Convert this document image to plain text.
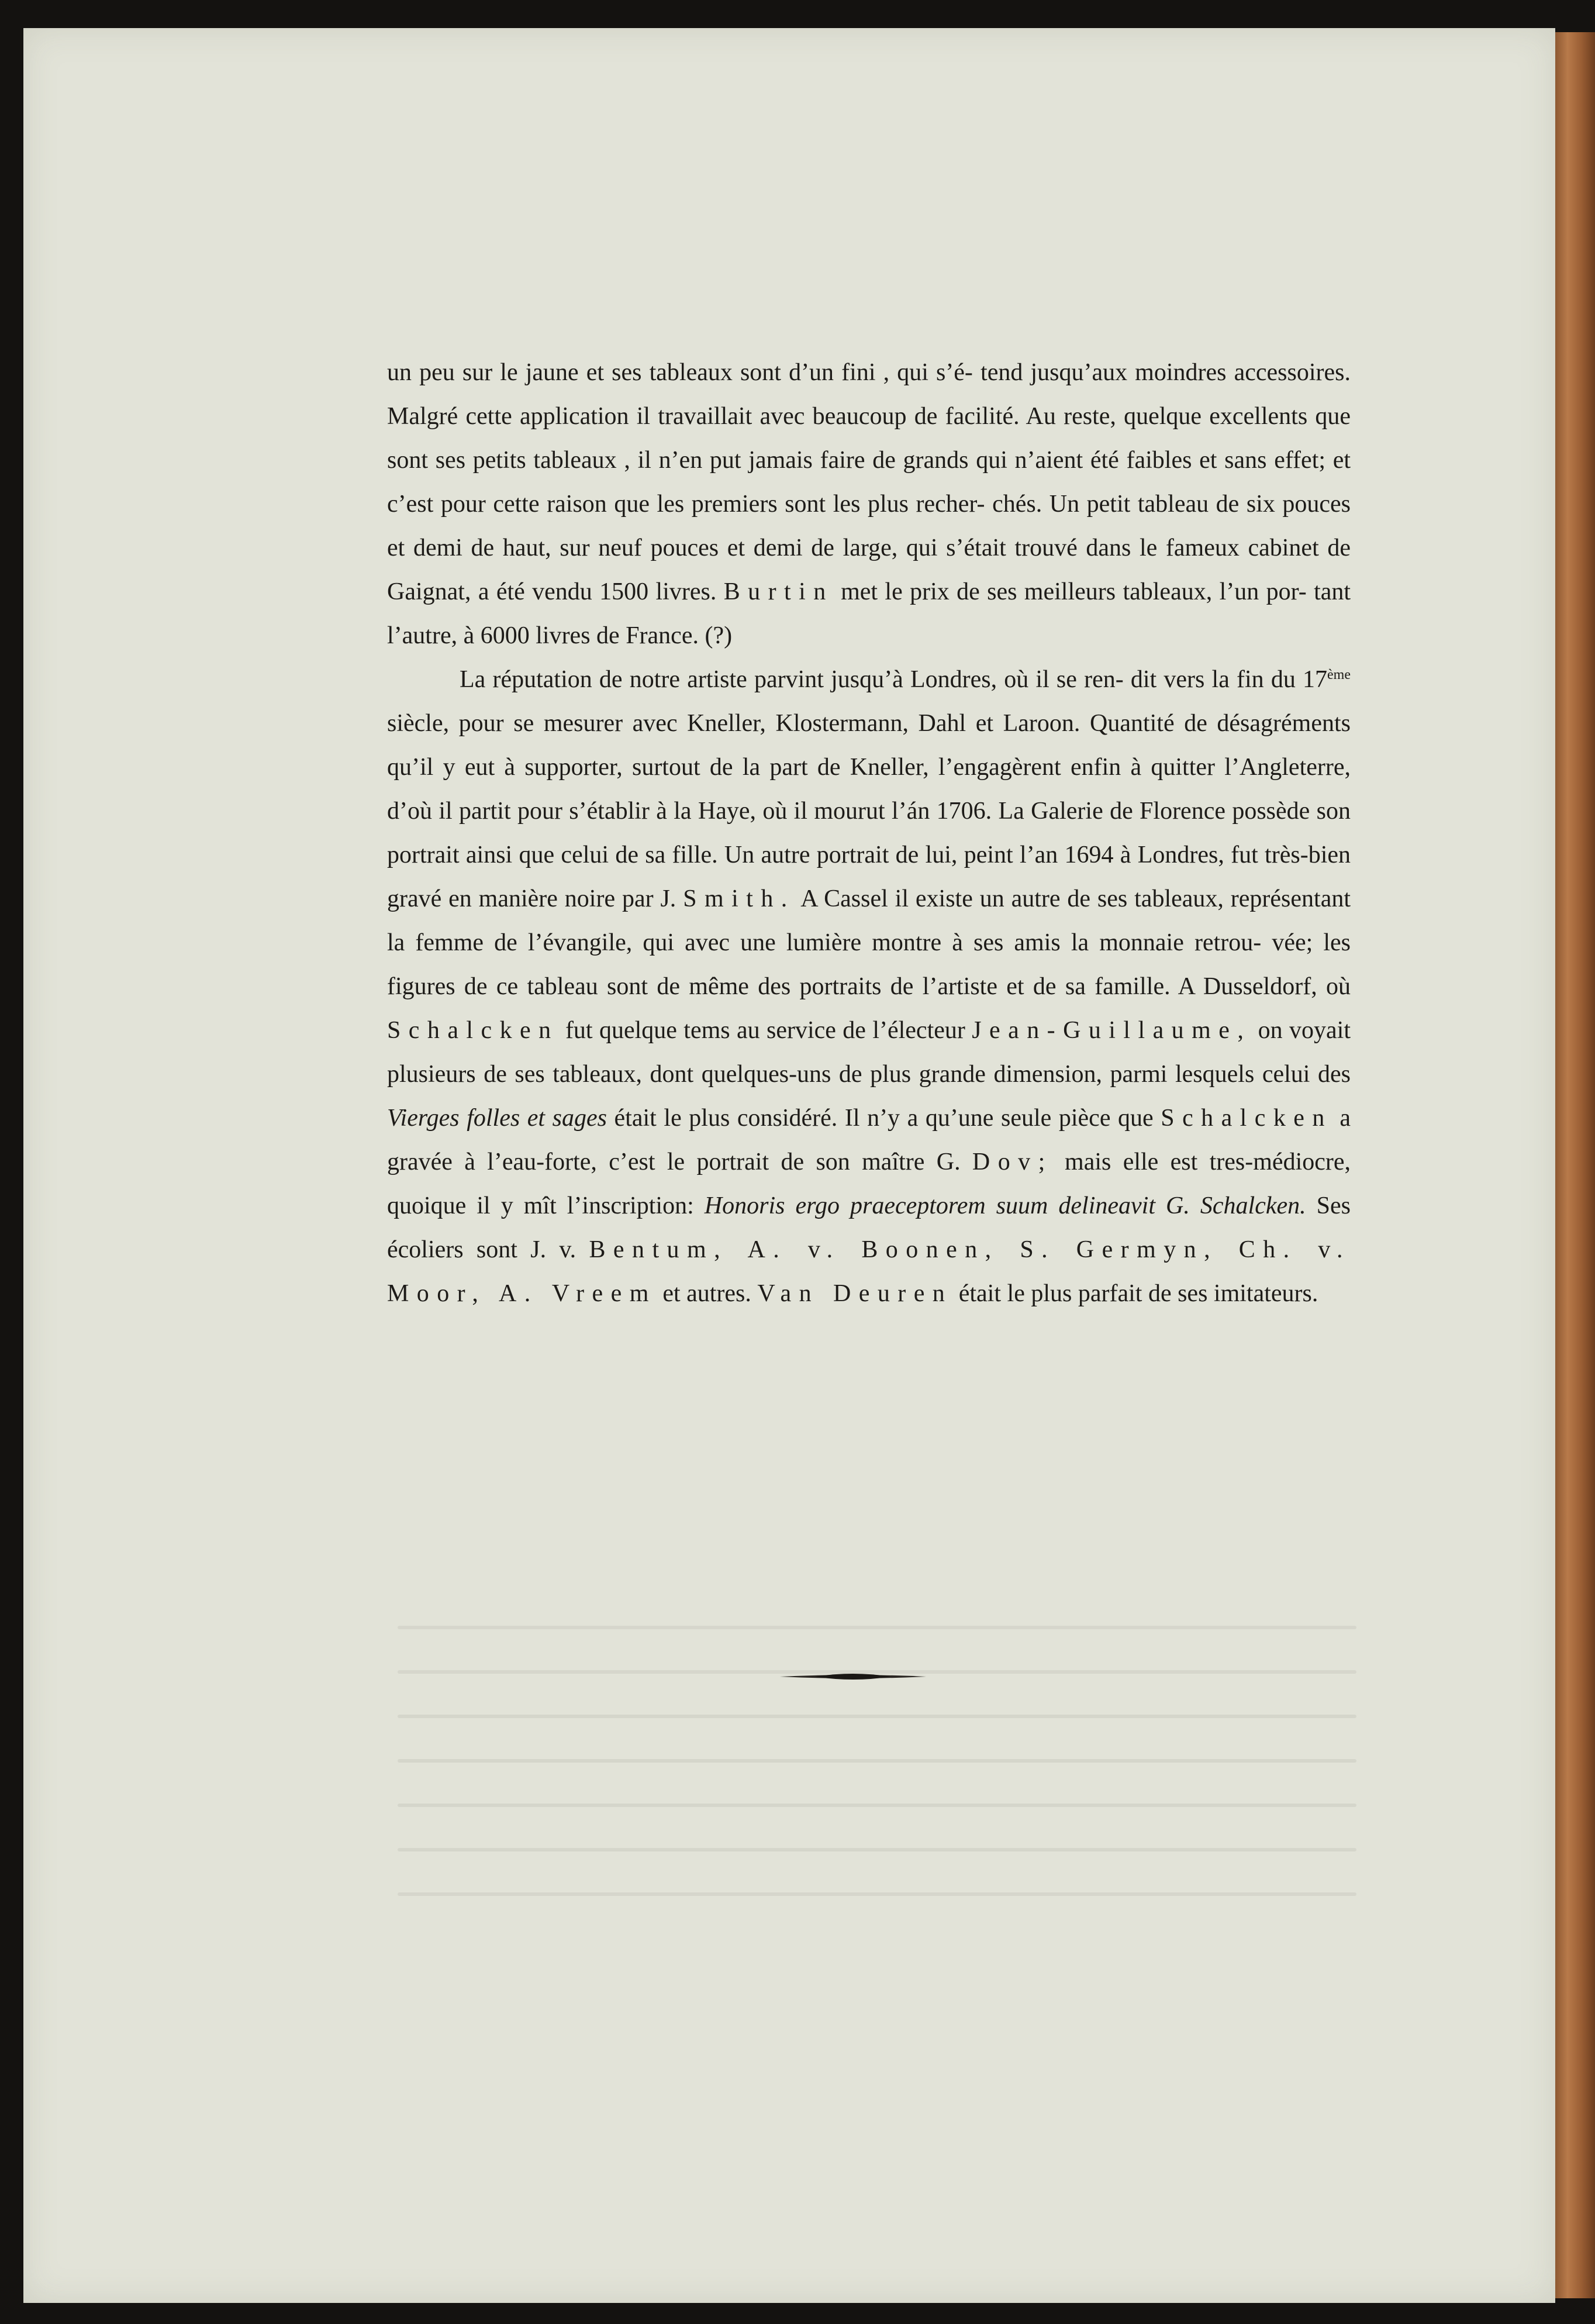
un peu sur le jaune et ses tableaux sont d’un fini , qui s’é- tend jusqu’aux moindres accessoires. Malgré cette application il travaillait avec beaucoup de facilité. Au reste, quelque excellents que sont ses petits tableaux , il n’en put jamais faire de grands qui n’aient été faibles et sans effet; et c’est pour cette raison que les premiers sont les plus recher- chés. Un petit tableau de six pouces et demi de haut, sur neuf pouces et demi de large, qui s’était trouvé dans le fameux cabinet de Gaignat, a été vendu 1500 livres. Burtin met le prix de ses meilleurs tableaux, l’un por- tant l’autre, à 6000 livres de France. (?)

La réputation de notre artiste parvint jusqu’à Londres, où il se ren- dit vers la fin du 17ème siècle, pour se mesurer avec Kneller, Klostermann, Dahl et Laroon. Quantité de désagréments qu’il y eut à supporter, surtout de la part de Kneller, l’engagèrent enfin à quitter l’Angleterre, d’où il partit pour s’établir à la Haye, où il mourut l’án 1706. La Galerie de Florence possède son portrait ainsi que celui de sa fille. Un autre portrait de lui, peint l’an 1694 à Londres, fut très-bien gravé en manière noire par J. Smith. A Cassel il existe un autre de ses tableaux, représentant la femme de l’évangile, qui avec une lumière montre à ses amis la monnaie retrou- vée; les figures de ce tableau sont de même des portraits de l’artiste et de sa famille. A Dusseldorf, où Schalcken fut quelque tems au service de l’électeur Jean-Guillaume, on voyait plusieurs de ses tableaux, dont quelques-uns de plus grande dimension, parmi lesquels celui des Vierges folles et sages était le plus considéré. Il n’y a qu’une seule pièce que Schalcken a gravée à l’eau-forte, c’est le portrait de son maître G. Dov; mais elle est tres-médiocre, quoique il y mît l’inscription: Honoris ergo praeceptorem suum delineavit G. Schalcken. Ses écoliers sont J. v. Bentum, A. v. Boonen, S. Germyn, Ch. v. Moor, A. Vreem et autres. Van Deuren était le plus parfait de ses imitateurs.
